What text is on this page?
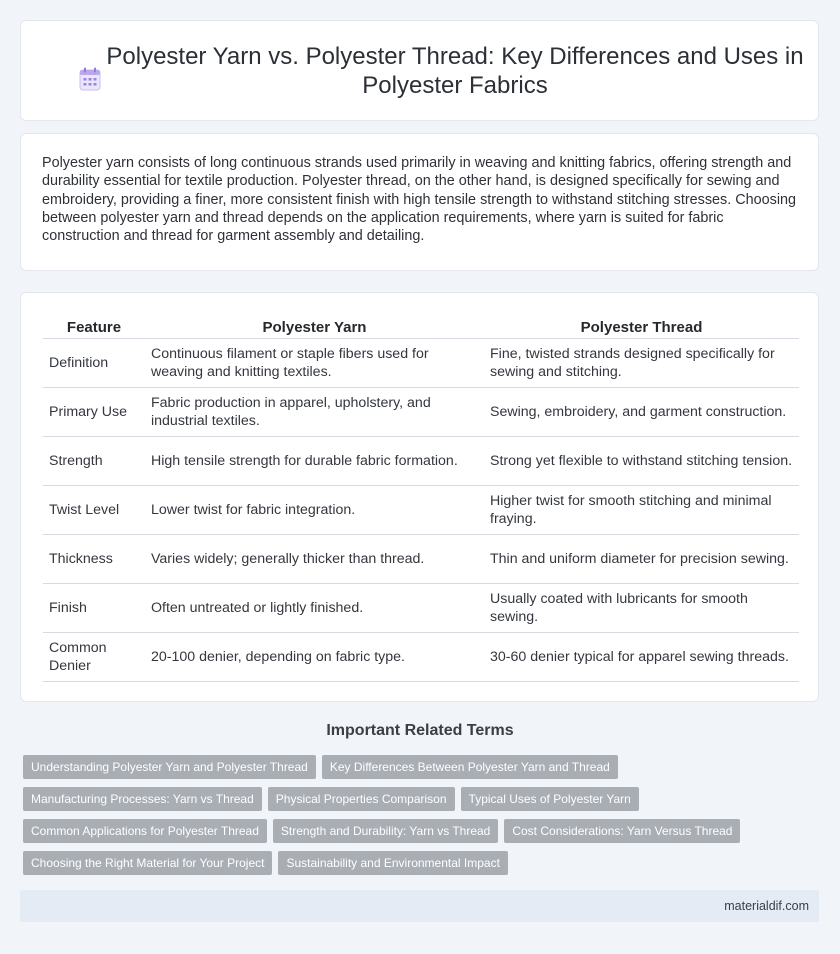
Polyester Yarn vs. Polyester Thread: Key Differences and Uses in Polyester Fabrics

Polyester yarn consists of long continuous strands used primarily in weaving and knitting fabrics, offering strength and durability essential for textile production. Polyester thread, on the other hand, is designed specifically for sewing and embroidery, providing a finer, more consistent finish with high tensile strength to withstand stitching stresses. Choosing between polyester yarn and thread depends on the application requirements, where yarn is suited for fabric construction and thread for garment assembly and detailing.

Feature	Polyester Yarn	Polyester Thread
Definition	Continuous filament or staple fibers used for weaving and knitting textiles.	Fine, twisted strands designed specifically for sewing and stitching.
Primary Use	Fabric production in apparel, upholstery, and industrial textiles.	Sewing, embroidery, and garment construction.
Strength	High tensile strength for durable fabric formation.	Strong yet flexible to withstand stitching tension.
Twist Level	Lower twist for fabric integration.	Higher twist for smooth stitching and minimal fraying.
Thickness	Varies widely; generally thicker than thread.	Thin and uniform diameter for precision sewing.
Finish	Often untreated or lightly finished.	Usually coated with lubricants for smooth sewing.
Common Denier	20-100 denier, depending on fabric type.	30-60 denier typical for apparel sewing threads.
Important Related Terms
Understanding Polyester Yarn and Polyester Thread	Key Differences Between Polyester Yarn and Thread
Manufacturing Processes: Yarn vs Thread	Physical Properties Comparison	Typical Uses of Polyester Yarn
Common Applications for Polyester Thread	Strength and Durability: Yarn vs Thread	Cost Considerations: Yarn Versus Thread
Choosing the Right Material for Your Project	Sustainability and Environmental Impact
materialdif.com
